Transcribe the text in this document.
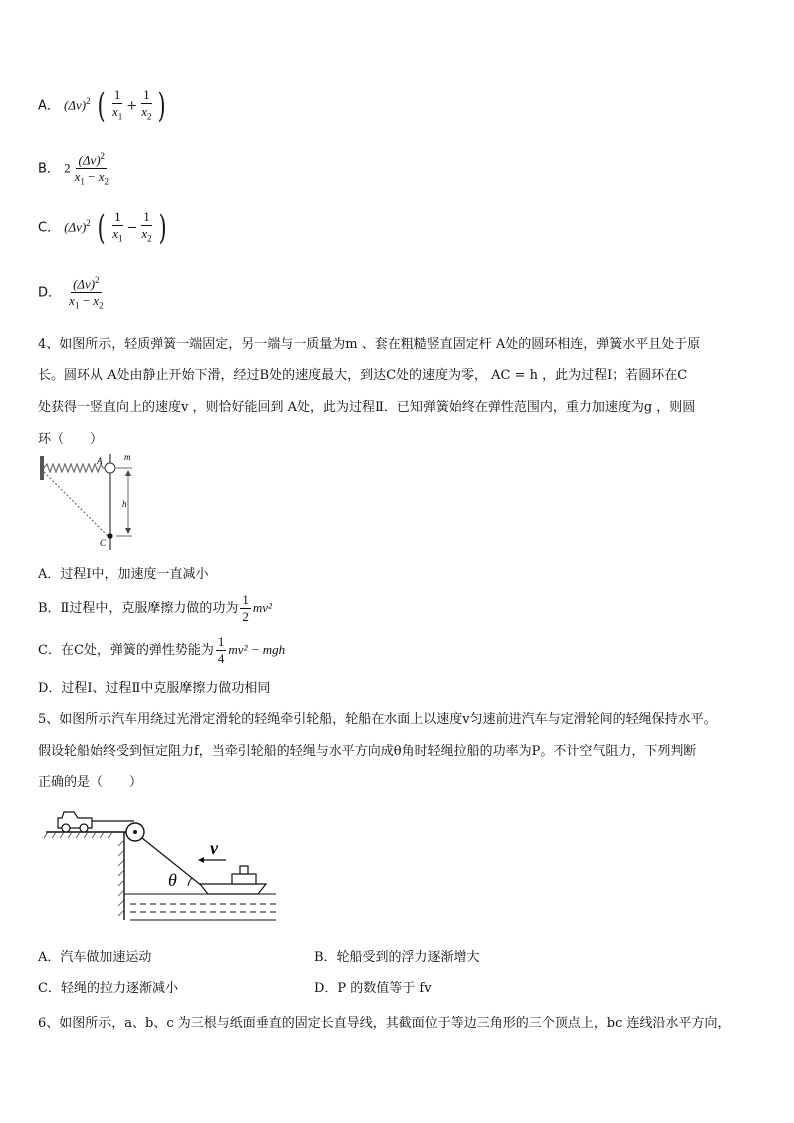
A． $(\Delta v)^2$ ( $\frac{1}{x_1} + \frac{1}{x_2}$ )
B． $2 \frac{(\Delta v)^2}{x_1 - x_2}$
C． $(\Delta v)^2$ ( $\frac{1}{x_1} - \frac{1}{x_2}$ )
D． $\frac{(\Delta v)^2}{x_1 - x_2}$
4、如图所示，轻质弹簧一端固定，另一端与一质量为m 、套在粗糙竖直固定杆 A处的圆环相连，弹簧水平且处于原
长。圆环从 A处由静止开始下滑，经过B处的速度最大，到达C处的速度为零， AC = h ，此为过程Ⅰ；若圆环在C
处获得一竖直向上的速度v ，则恰好能回到 A处，此为过程Ⅱ．已知弹簧始终在弹性范围内，重力加速度为g ，则圆
环（　　）
A m
h
C
A．过程Ⅰ中，加速度一直减小
B．Ⅱ过程中，克服摩擦力做的功为 $\frac{1}{2} mv^2$
C．在C处，弹簧的弹性势能为 $\frac{1}{4} mv^2$ − mgh
D．过程Ⅰ、过程Ⅱ中克服摩擦力做功相同
5、如图所示汽车用绕过光滑定滑轮的轻绳牵引轮船，轮船在水面上以速度v匀速前进汽车与定滑轮间的轻绳保持水平。
假设轮船始终受到恒定阻力f，当牵引轮船的轻绳与水平方向成θ角时轻绳拉船的功率为P。不计空气阻力，下列判断
正确的是（　　）
θ
v
A．汽车做加速运动	B．轮船受到的浮力逐渐增大
C．轻绳的拉力逐渐减小	D．P 的数值等于 fv
6、如图所示，a、b、c 为三根与纸面垂直的固定长直导线，其截面位于等边三角形的三个顶点上，bc 连线沿水平方向，
